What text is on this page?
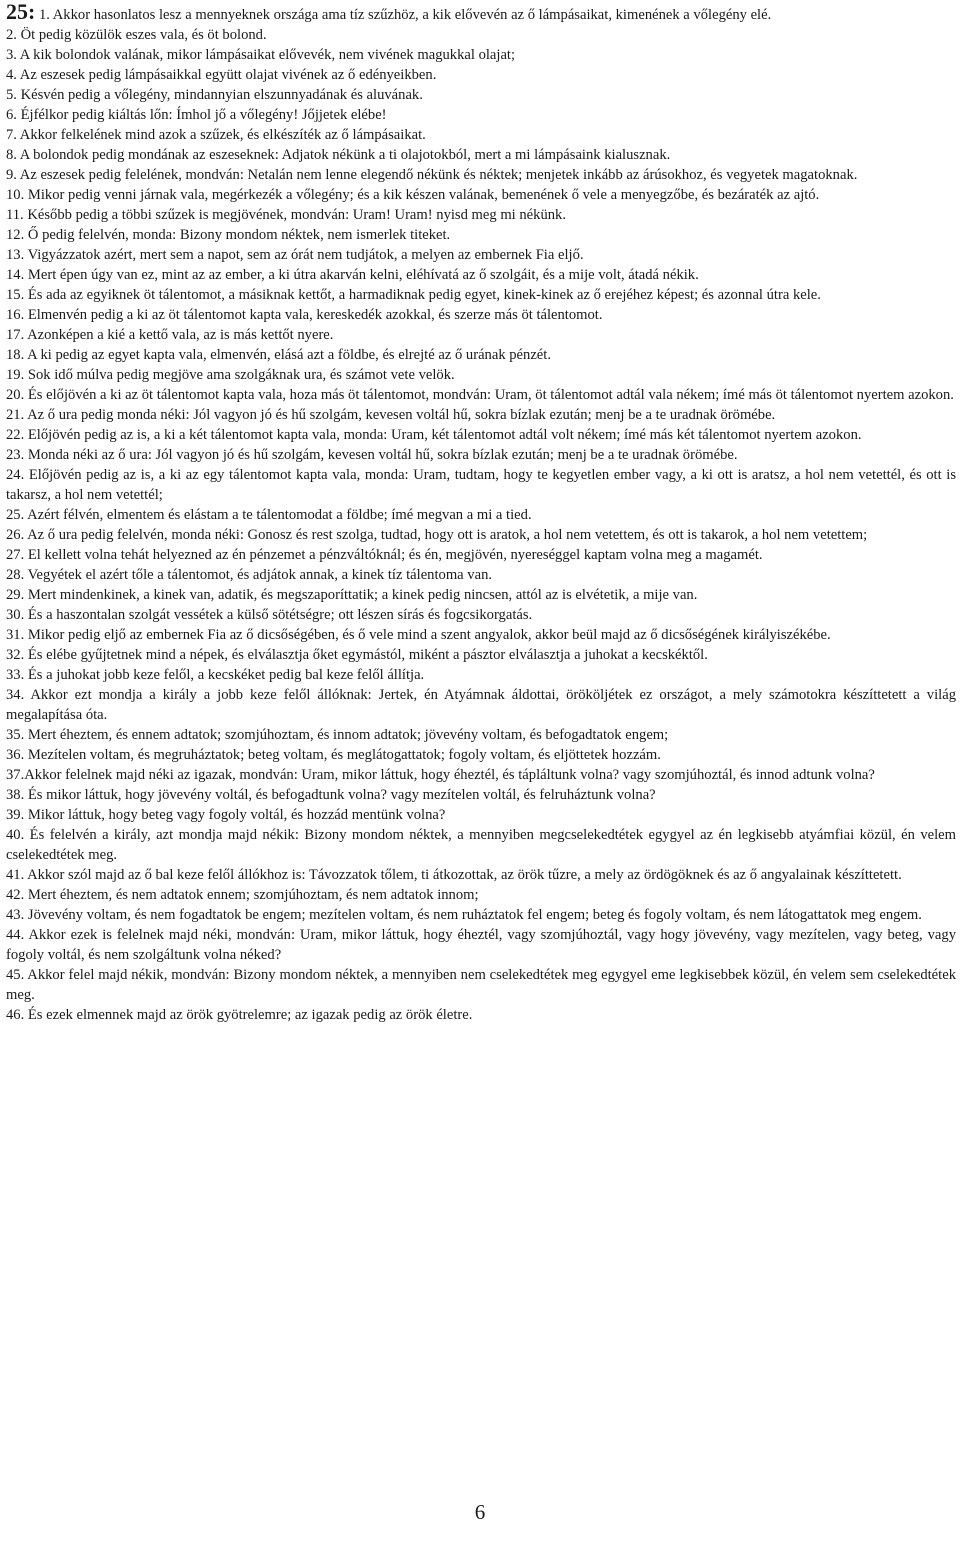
25: 1. Akkor hasonlatos lesz a mennyeknek országa ama tíz szűzhöz, a kik elővevén az ő lámpásaikat, kimenének a vőlegény elé.

2. Öt pedig közülök eszes vala, és öt bolond.

3. A kik bolondok valának, mikor lámpásaikat elővevék, nem vivének magukkal olajat;

4. Az eszesek pedig lámpásaikkal együtt olajat vivének az ő edényeikben.

5. Késvén pedig a vőlegény, mindannyian elszunnyadának és aluvának.

6. Éjfélkor pedig kiáltás lőn: Ímhol jő a vőlegény! Jőjjetek elébe!

7. Akkor felkelének mind azok a szűzek, és elkészíték az ő lámpásaikat.

8. A bolondok pedig mondának az eszeseknek: Adjatok nékünk a ti olajotokból, mert a mi lámpásaink kialusznak.

9. Az eszesek pedig felelének, mondván: Netalán nem lenne elegendő nékünk és néktek; menjetek inkább az árúsokhoz, és vegyetek magatoknak.

10. Mikor pedig venni járnak vala, megérkezék a vőlegény; és a kik készen valának, bemenének ő vele a menyegzőbe, és bezáraték az ajtó.

11. Később pedig a többi szűzek is megjövének, mondván: Uram! Uram! nyisd meg mi nékünk.

12. Ő pedig felelvén, monda: Bizony mondom néktek, nem ismerlek titeket.

13. Vigyázzatok azért, mert sem a napot, sem az órát nem tudjátok, a melyen az embernek Fia eljő.

14. Mert épen úgy van ez, mint az az ember, a ki útra akarván kelni, eléhívatá az ő szolgáit, és a mije volt, átadá nékik.

15. És ada az egyiknek öt tálentomot, a másiknak kettőt, a harmadiknak pedig egyet, kinek-kinek az ő erejéhez képest; és azonnal útra kele.

16. Elmenvén pedig a ki az öt tálentomot kapta vala, kereskedék azokkal, és szerze más öt tálentomot.

17. Azonképen a kié a kettő vala, az is más kettőt nyere.

18. A ki pedig az egyet kapta vala, elmenvén, elásá azt a földbe, és elrejté az ő urának pénzét.

19. Sok idő múlva pedig megjöve ama szolgáknak ura, és számot vete velök.

20. És előjövén a ki az öt tálentomot kapta vala, hoza más öt tálentomot, mondván: Uram, öt tálentomot adtál vala nékem; ímé más öt tálentomot nyertem azokon.

21. Az ő ura pedig monda néki: Jól vagyon jó és hű szolgám, kevesen voltál hű, sokra bízlak ezután; menj be a te uradnak örömébe.

22. Előjövén pedig az is, a ki a két tálentomot kapta vala, monda: Uram, két tálentomot adtál volt nékem; ímé más két tálentomot nyertem azokon.

23. Monda néki az ő ura: Jól vagyon jó és hű szolgám, kevesen voltál hű, sokra bízlak ezután; menj be a te uradnak örömébe.

24. Előjövén pedig az is, a ki az egy tálentomot kapta vala, monda: Uram, tudtam, hogy te kegyetlen ember vagy, a ki ott is aratsz, a hol nem vetettél, és ott is takarsz, a hol nem vetettél;

25. Azért félvén, elmentem és elástam a te tálentomodat a földbe; ímé megvan a mi a tied.

26. Az ő ura pedig felelvén, monda néki: Gonosz és rest szolga, tudtad, hogy ott is aratok, a hol nem vetettem, és ott is takarok, a hol nem vetettem;

27. El kellett volna tehát helyezned az én pénzemet a pénzváltóknál; és én, megjövén, nyereséggel kaptam volna meg a magamét.

28. Vegyétek el azért tőle a tálentomot, és adjátok annak, a kinek tíz tálentoma van.

29. Mert mindenkinek, a kinek van, adatik, és megszaporíttatik; a kinek pedig nincsen, attól az is elvétetik, a mije van.

30. És a haszontalan szolgát vessétek a külső sötétségre; ott lészen sírás és fogcsikorgatás.

31. Mikor pedig eljő az embernek Fia az ő dicsőségében, és ő vele mind a szent angyalok, akkor beül majd az ő dicsőségének királyiszékébe.

32. És elébe gyűjtetnek mind a népek, és elválasztja őket egymástól, miként a pásztor elválasztja a juhokat a kecskéktől.

33. És a juhokat jobb keze felől, a kecskéket pedig bal keze felől állítja.

34. Akkor ezt mondja a király a jobb keze felől állóknak: Jertek, én Atyámnak áldottai, örököljétek ez országot, a mely számotokra készíttetett a világ megalapítása óta.

35. Mert éheztem, és ennem adtatok; szomjúhoztam, és innom adtatok; jövevény voltam, és befogadtatok engem;

36. Mezítelen voltam, és megruháztatok; beteg voltam, és meglátogattatok; fogoly voltam, és eljöttetek hozzám.

37.Akkor felelnek majd néki az igazak, mondván: Uram, mikor láttuk, hogy éheztél, és tápláltunk volna? vagy szomjúhoztál, és innod adtunk volna?

38. És mikor láttuk, hogy jövevény voltál, és befogadtunk volna? vagy mezítelen voltál, és felruháztunk volna?

39. Mikor láttuk, hogy beteg vagy fogoly voltál, és hozzád mentünk volna?

40. És felelvén a király, azt mondja majd nékik: Bizony mondom néktek, a mennyiben megcselekedtétek egygyel az én legkisebb atyámfiai közül, én velem cselekedtétek meg.

41. Akkor szól majd az ő bal keze felől állókhoz is: Távozzatok tőlem, ti átkozottak, az örök tűzre, a mely az ördögöknek és az ő angyalainak készíttetett.

42. Mert éheztem, és nem adtatok ennem; szomjúhoztam, és nem adtatok innom;

43. Jövevény voltam, és nem fogadtatok be engem; mezítelen voltam, és nem ruháztatok fel engem; beteg és fogoly voltam, és nem látogattatok meg engem.

44. Akkor ezek is felelnek majd néki, mondván: Uram, mikor láttuk, hogy éheztél, vagy szomjúhoztál, vagy hogy jövevény, vagy mezítelen, vagy beteg, vagy fogoly voltál, és nem szolgáltunk volna néked?

45. Akkor felel majd nékik, mondván: Bizony mondom néktek, a mennyiben nem cselekedtétek meg egygyel eme legkisebbek közül, én velem sem cselekedtétek meg.

46. És ezek elmennek majd az örök gyötrelemre; az igazak pedig az örök életre.

6
